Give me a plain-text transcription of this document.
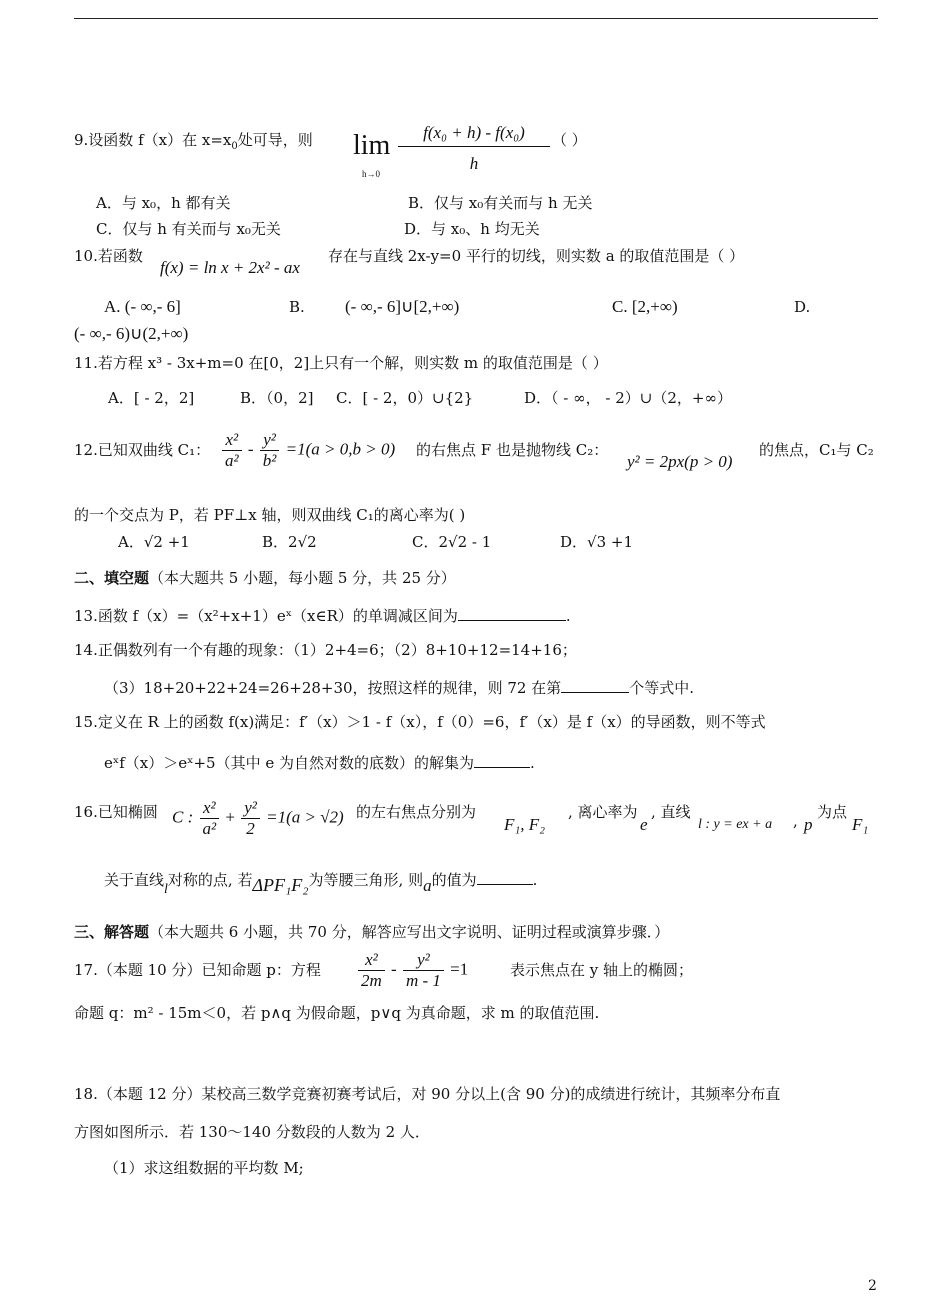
9.设函数 f（x）在 $x=x_0$处可导，则 lim
h→0
f(x₀ + h) - f(x₀)
h
（ ）
A．与 x₀，h 都有关	B．仅与 x₀有关而与 h 无关
C．仅与 h 有关而与 x₀无关	D．与 x₀、h 均无关
10.若函数
f(x) = ln x + 2x² - ax
存在与直线 2x-y=0 平行的切线，则实数 a 的取值范围是（ ）
A. (- ∞,- 6]	B. (- ∞,- 6]∪[2,+∞)	C. [2,+∞)	D.
(- ∞,- 6)∪(2,+∞)
11.若方程 x³ - 3x+m=0 在[0，2]上只有一个解，则实数 m 的取值范围是（ ）
A．[ - 2，2]	B．（0，2] C．[ - 2，0）∪{2}	D．（ - ∞， - 2）∪（2，+∞）
12.已知双曲线 C₁： $\frac{\text{x²}}{\text{a²}} - \frac{\text{y²}}{\text{b²}} =1(a > 0,b > 0)$ 的右焦点 F 也是抛物线 C₂：
y² = 2px(p > 0)
的焦点，C₁与 C₂
的一个交点为 P，若 PF⊥x 轴，则双曲线 C₁的离心率为( )
A．√2 +1	B．2√2	C．2√2 - 1	D．√3 +1
二、填空题（本大题共 5 小题，每小题 5 分，共 25 分）
13.函数 f（x）=（x²+x+1）eˣ（x∈R）的单调减区间为	.
14.正偶数列有一个有趣的现象：（1）2+4=6；（2）8+10+12=14+16；
（3）18+20+22+24=26+28+30，按照这样的规律，则 72 在第	个等式中.
15.定义在 R 上的函数 f(x)满足：f′（x）＞1 - f（x），f（0）=6，f′（x）是 f（x）的导函数，则不等式
eˣf（x）＞eˣ+5（其中 e 为自然对数的底数）的解集为	.
16.已知椭圆 C : $\frac{\text{x²}}{\text{a²}} + \frac{\text{y²}}{2} =1(a > √2)$ 的左右焦点分别为
F₁, F₂
, 离心率为
e
, 直线
l : y = ex + a , p
为点
F₁
关于直线l对称的点, 若ΔPF₁F₂为等腰三角形, 则a的值为	.
三、解答题（本大题共 6 小题，共 70 分，解答应写出文字说明、证明过程或演算步骤．）
17.（本题 10 分）已知命题 p：方程 $\frac{\text{x²}}{2m} - \frac{\text{y²}}{m - 1} =1$	表示焦点在 y 轴上的椭圆；
命题 q：m² - 15m＜0，若 p∧q 为假命题，p∨q 为真命题，求 m 的取值范围.
18.（本题 12 分）某校高三数学竞赛初赛考试后，对 90 分以上(含 90 分)的成绩进行统计，其频率分布直
方图如图所示．若 130～140 分数段的人数为 2 人．
（1）求这组数据的平均数 M;
2
